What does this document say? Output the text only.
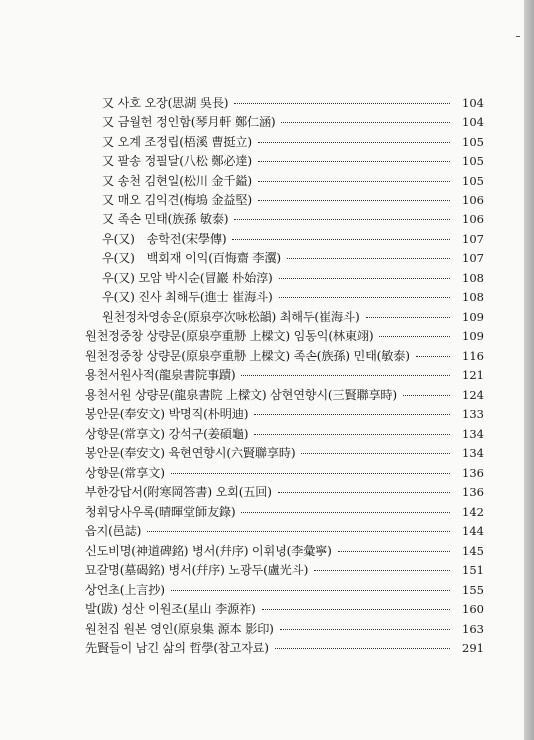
又 사호 오장(思湖 吳長)	104
又 금월헌 정인함(琴月軒 鄭仁涵)	104
又 오계 조정립(梧溪 曹挺立)	105
又 팔송 정필달(八松 鄭必達)	105
又 송천 김현일(松川 金千鎰)	105
又 매오 김익견(梅塢 金益堅)	106
又 족손 민태(族孫 敏泰)	106
우(又)　송학전(宋學傳)	107
우(又)　백회재 이익(百悔齋 李瀷)	107
우(又) 모암 박시순(冒巖 朴始淳)	108
우(又) 진사 최해두(進士 崔海斗)	108
원천정차영송운(原泉亭次咏松韻) 최해두(崔海斗)	109
원천정중창 상량문(原泉亭重刱 上樑文) 임동익(林東翊)	109
원천정중창 상량문(原泉亭重刱 上樑文) 족손(族孫) 민태(敏泰)	116
용천서원사적(龍泉書院事蹟)	121
용천서원 상량문(龍泉書院 上樑文) 삼현연향시(三賢聯享時)	124
봉안문(奉安文) 박명직(朴明迪)	133
상향문(常享文) 강석구(姜碩龜)	134
봉안문(奉安文) 육현연향시(六賢聯享時)	134
상향문(常享文)	136
부한강답서(附寒岡答書) 오회(五回)	136
청휘당사우록(晴暉堂師友錄)	142
읍지(邑誌)	144
신도비명(神道碑銘) 병서(幷序) 이휘녕(李彙寧)	145
묘갈명(墓碣銘) 병서(幷序) 노광두(盧光斗)	151
상언초(上言抄)	155
발(跋) 성산 이원조(星山 李源祚)	160
원천집 원본 영인(原泉集 源本 影印)	163
先賢들이 남긴 삶의 哲學(참고자료)	291
